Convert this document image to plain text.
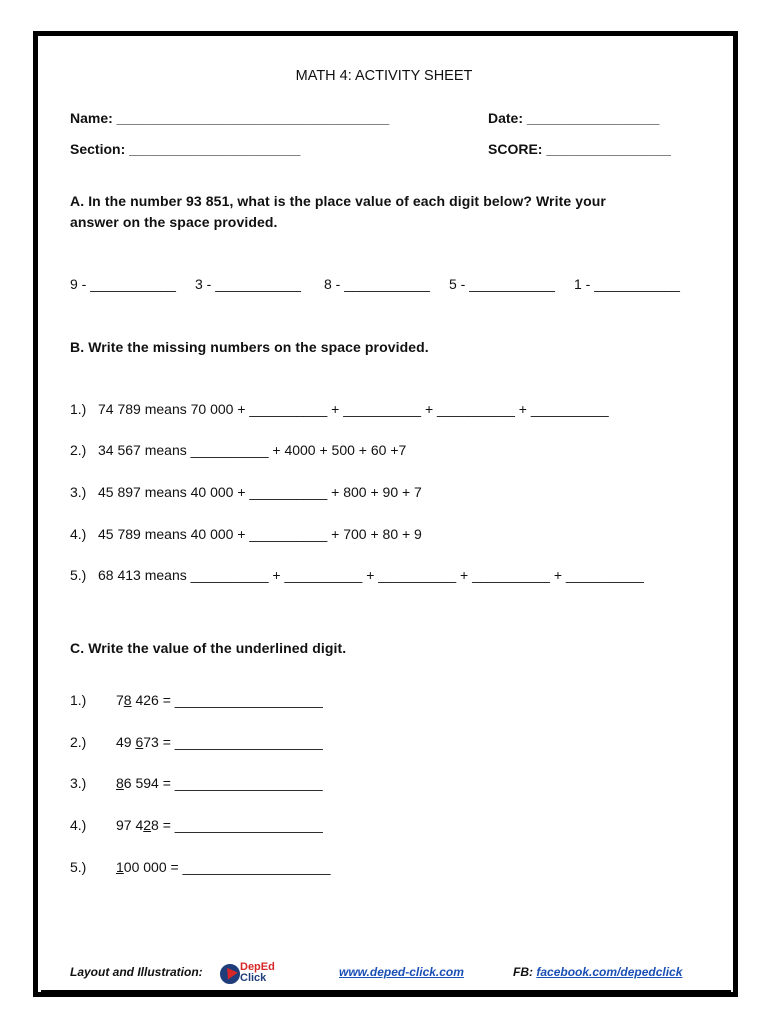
MATH 4: ACTIVITY SHEET
Name: ___________________________________	Date: _________________
Section: ______________________	SCORE: ________________
A. In the number 93 851, what is the place value of each digit below? Write your
answer on the space provided.
9 - ___________ 3 - ___________ 8 - ___________ 5 - ___________ 1 - ___________
B. Write the missing numbers on the space provided.
1.)   74 789 means 70 000 + __________ + __________ + __________ + __________
2.)   34 567 means __________ + 4000 + 500 + 60 +7
3.)   45 897 means 40 000 + __________ + 800 + 90 + 7
4.)   45 789 means 40 000 + __________ + 700 + 80 + 9
5.)   68 413 means __________ + __________ + __________ + __________ + __________
C. Write the value of the underlined digit.
1.) 78 426 = ___________________
2.) 49 673 = ___________________
3.) 86 594 = ___________________
4.) 97 428 = ___________________
5.) 100 000 = ___________________
Layout and Illustration:	DepEd
Click	www.deped-click.com	FB: facebook.com/depedclick
